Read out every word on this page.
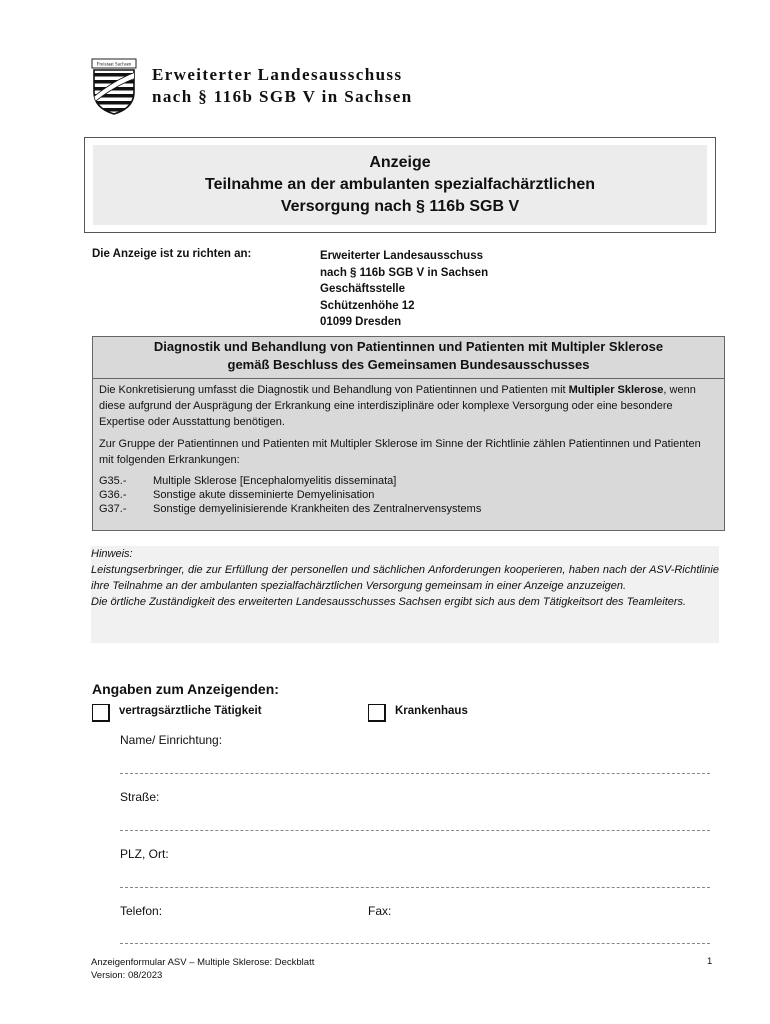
Freistaat Sachsen Erweiterter Landesausschuss
nach § 116b SGB V in Sachsen
Anzeige
Teilnahme an der ambulanten spezialfachärztlichen
Versorgung nach § 116b SGB V
Die Anzeige ist zu richten an:	Erweiterter Landesausschuss
nach § 116b SGB V in Sachsen
Geschäftsstelle
Schützenhöhe 12
01099 Dresden
Diagnostik und Behandlung von Patientinnen und Patienten mit Multipler Sklerose
gemäß Beschluss des Gemeinsamen Bundesausschusses

Die Konkretisierung umfasst die Diagnostik und Behandlung von Patientinnen und Patienten mit Multipler Sklerose, wenn diese aufgrund der Ausprägung der Erkrankung eine interdisziplinäre oder komplexe Versorgung oder eine besondere Expertise oder Ausstattung benötigen.

Zur Gruppe der Patientinnen und Patienten mit Multipler Sklerose im Sinne der Richtlinie zählen Patientinnen und Patienten mit folgenden Erkrankungen:

G35.-	Multiple Sklerose [Encephalomyelitis disseminata]
G36.-	Sonstige akute disseminierte Demyelinisation
G37.-	Sonstige demyelinisierende Krankheiten des Zentralnervensystems

Hinweis:

Leistungserbringer, die zur Erfüllung der personellen und sächlichen Anforderungen kooperieren, haben nach der ASV-Richtlinie ihre Teilnahme an der ambulanten spezialfachärztlichen Versorgung gemeinsam in einer Anzeige anzuzeigen.

Die örtliche Zuständigkeit des erweiterten Landesausschusses Sachsen ergibt sich aus dem Tätigkeitsort des Teamleiters.

Angaben zum Anzeigenden:
vertragsärztliche Tätigkeit	Krankenhaus
Name/ Einrichtung:
Straße:
PLZ, Ort:
Telefon:	Fax:
Anzeigenformular ASV – Multiple Sklerose: Deckblatt
Version: 08/2023
1
